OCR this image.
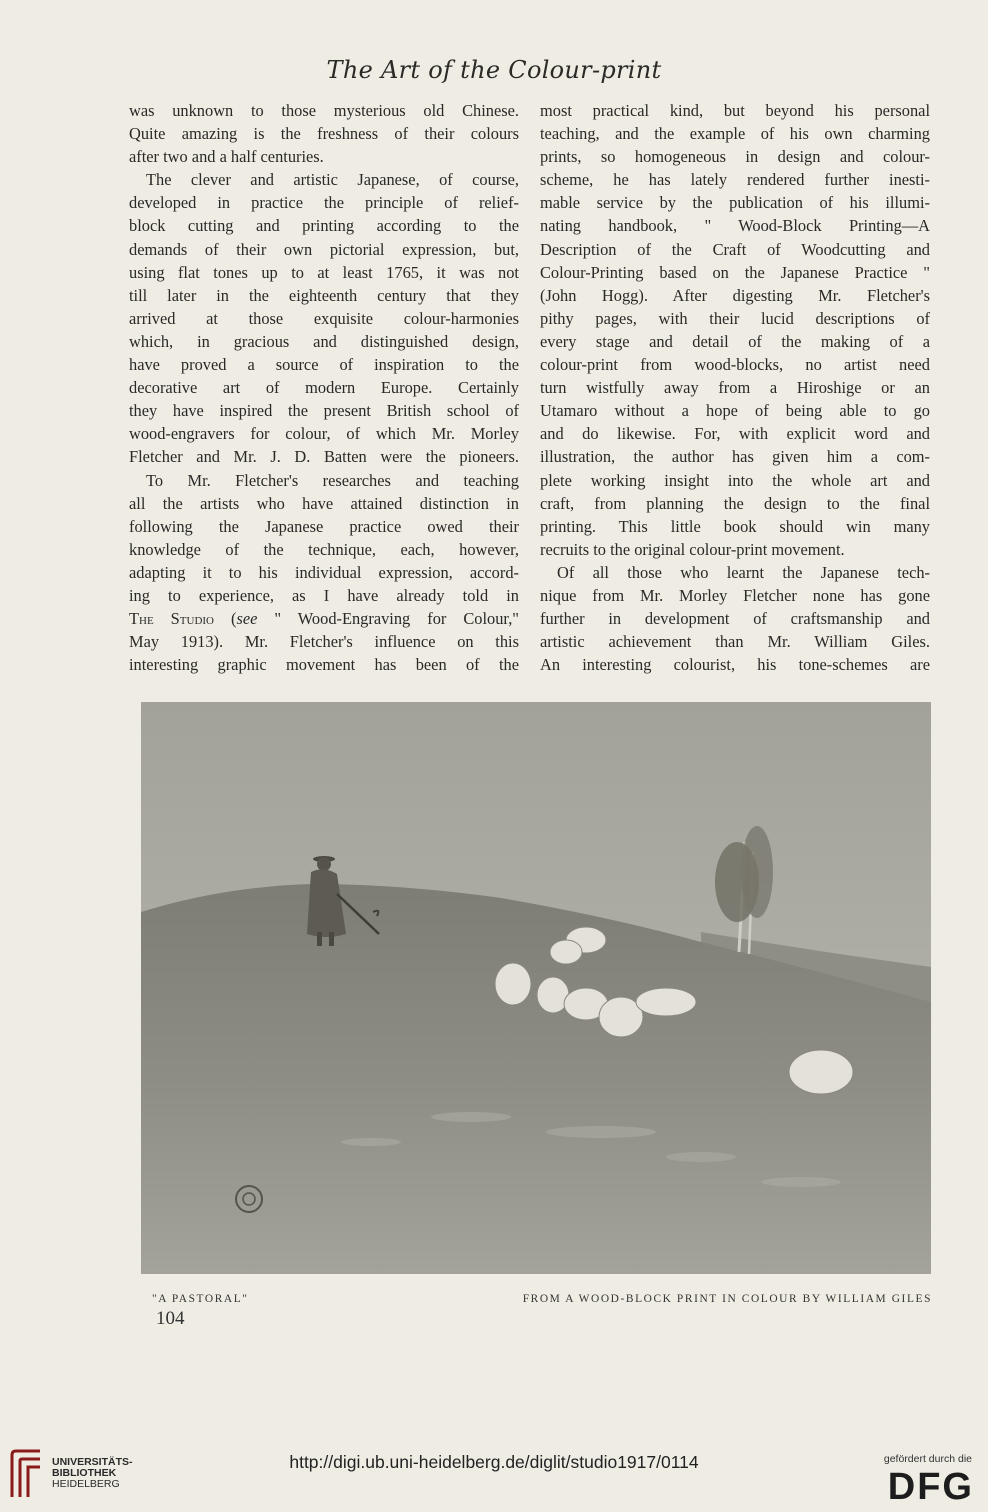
The Art of the Colour-print

was unknown to those mysterious old Chinese.

Quite amazing is the freshness of their colours

after two and a half centuries.

The clever and artistic Japanese, of course,

developed in practice the principle of relief-

block cutting and printing according to the

demands of their own pictorial expression, but,

using flat tones up to at least 1765, it was not

till later in the eighteenth century that they

arrived at those exquisite colour-harmonies

which, in gracious and distinguished design,

have proved a source of inspiration to the

decorative art of modern Europe. Certainly

they have inspired the present British school of

wood-engravers for colour, of which Mr. Morley

Fletcher and Mr. J. D. Batten were the pioneers.

To Mr. Fletcher's researches and teaching

all the artists who have attained distinction in

following the Japanese practice owed their

knowledge of the technique, each, however,

adapting it to his individual expression, accord-

ing to experience, as I have already told in

The Studio (see " Wood-Engraving for Colour,"

May 1913). Mr. Fletcher's influence on this

interesting graphic movement has been of the

most practical kind, but beyond his personal

teaching, and the example of his own charming

prints, so homogeneous in design and colour-

scheme, he has lately rendered further inesti-

mable service by the publication of his illumi-

nating handbook, " Wood-Block Printing—A

Description of the Craft of Woodcutting and

Colour-Printing based on the Japanese Practice "

(John Hogg). After digesting Mr. Fletcher's

pithy pages, with their lucid descriptions of

every stage and detail of the making of a

colour-print from wood-blocks, no artist need

turn wistfully away from a Hiroshige or an

Utamaro without a hope of being able to go

and do likewise. For, with explicit word and

illustration, the author has given him a com-

plete working insight into the whole art and

craft, from planning the design to the final

printing. This little book should win many

recruits to the original colour-print movement.

Of all those who learnt the Japanese tech-

nique from Mr. Morley Fletcher none has gone

further in development of craftsmanship and

artistic achievement than Mr. William Giles.

An interesting colourist, his tone-schemes are

"A PASTORAL"	FROM A WOOD-BLOCK PRINT IN COLOUR BY WILLIAM GILES
104
UNIVERSITÄTS-
BIBLIOTHEK
HEIDELBERG
http://digi.ub.uni-heidelberg.de/diglit/studio1917/0114	gefördert durch die
DFG
